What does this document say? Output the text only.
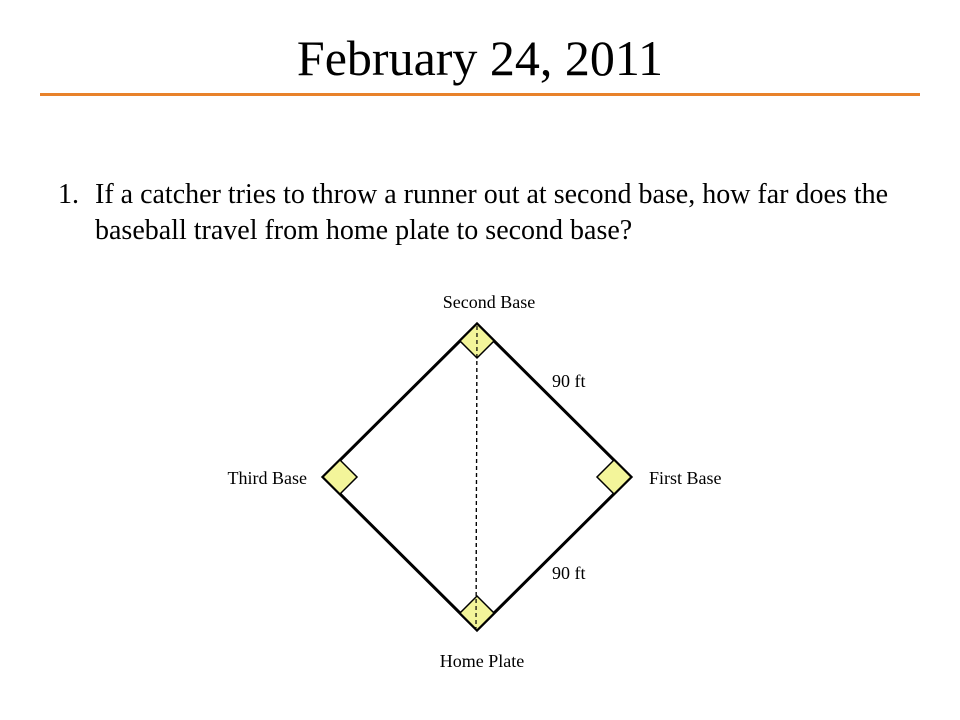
February 24, 2011
1. If a catcher tries to throw a runner out at second base, how far does the baseball travel from home plate to second base?
Second Base
First Base
Third Base
Home Plate
90 ft
90 ft
